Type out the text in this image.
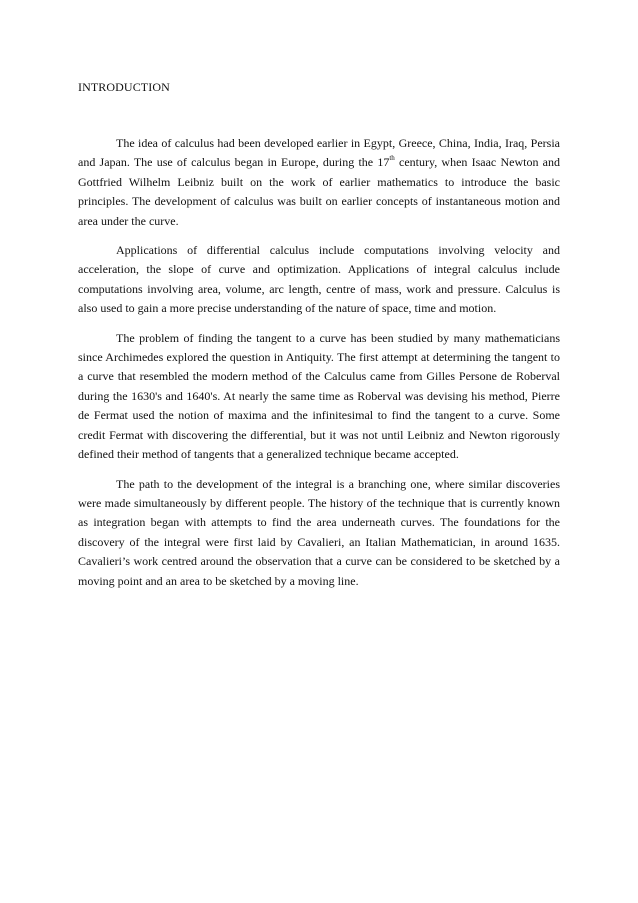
INTRODUCTION

The idea of calculus had been developed earlier in Egypt, Greece, China, India, Iraq, Persia and Japan. The use of calculus began in Europe, during the 17th century, when Isaac Newton and Gottfried Wilhelm Leibniz built on the work of earlier mathematics to introduce the basic principles. The development of calculus was built on earlier concepts of instantaneous motion and area under the curve.

Applications of differential calculus include computations involving velocity and acceleration, the slope of curve and optimization. Applications of integral calculus include computations involving area, volume, arc length, centre of mass, work and pressure. Calculus is also used to gain a more precise understanding of the nature of space, time and motion.

The problem of finding the tangent to a curve has been studied by many mathematicians since Archimedes explored the question in Antiquity. The first attempt at determining the tangent to a curve that resembled the modern method of the Calculus came from Gilles Persone de Roberval during the 1630's and 1640's. At nearly the same time as Roberval was devising his method, Pierre de Fermat used the notion of maxima and the infinitesimal to find the tangent to a curve. Some credit Fermat with discovering the differential, but it was not until Leibniz and Newton rigorously defined their method of tangents that a generalized technique became accepted.

The path to the development of the integral is a branching one, where similar discoveries were made simultaneously by different people. The history of the technique that is currently known as integration began with attempts to find the area underneath curves. The foundations for the discovery of the integral were first laid by Cavalieri, an Italian Mathematician, in around 1635. Cavalieri’s work centred around the observation that a curve can be considered to be sketched by a moving point and an area to be sketched by a moving line.
